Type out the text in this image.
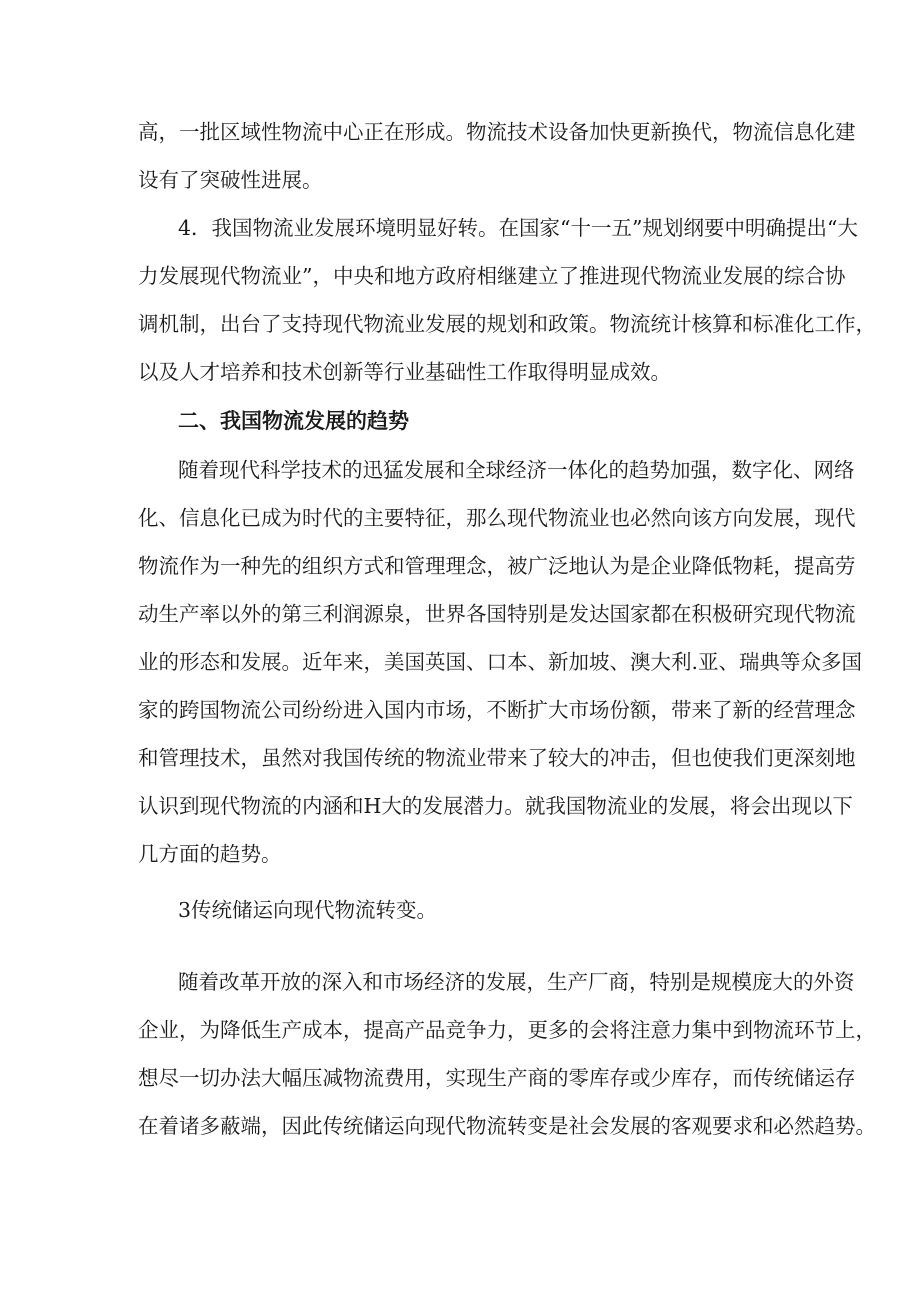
高，一批区域性物流中心正在形成。物流技术设备加快更新换代，物流信息化建
设有了突破性进展。
4．我国物流业发展环境明显好转。在国家“十一五”规划纲要中明确提出“大
力发展现代物流业”，中央和地方政府相继建立了推进现代物流业发展的综合协
调机制，出台了支持现代物流业发展的规划和政策。物流统计核算和标准化工作，
以及人才培养和技术创新等行业基础性工作取得明显成效。
二、我国物流发展的趋势
随着现代科学技术的迅猛发展和全球经济一体化的趋势加强，数字化、网络
化、信息化已成为时代的主要特征，那么现代物流业也必然向该方向发展，现代
物流作为一种先的组织方式和管理理念，被广泛地认为是企业降低物耗，提高劳
动生产率以外的第三利润源泉，世界各国特别是发达国家都在积极研究现代物流
业的形态和发展。近年来，美国英国、口本、新加坡、澳大利.亚、瑞典等众多国
家的跨国物流公司纷纷进入国内市场，不断扩大市场份额，带来了新的经营理念
和管理技术，虽然对我国传统的物流业带来了较大的冲击，但也使我们更深刻地
认识到现代物流的内涵和H大的发展潜力。就我国物流业的发展，将会出现以下
几方面的趋势。
3传统储运向现代物流转变。
随着改革开放的深入和市场经济的发展，生产厂商，特别是规模庞大的外资
企业，为降低生产成本，提高产品竞争力，更多的会将注意力集中到物流环节上，
想尽一切办法大幅压减物流费用，实现生产商的零库存或少库存，而传统储运存
在着诸多蔽端，因此传统储运向现代物流转变是社会发展的客观要求和必然趋势。
